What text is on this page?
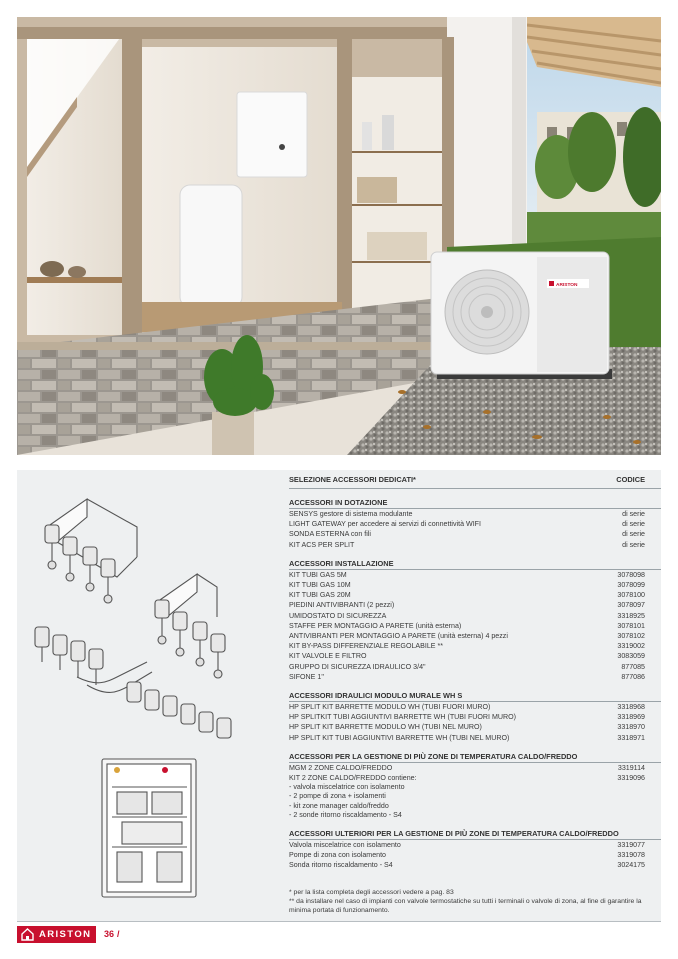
ARISTON
SELEZIONE ACCESSORI DEDICATI*	CODICE
ACCESSORI IN DOTAZIONE
SENSYS gestore di sistema modulante	di serie
LIGHT GATEWAY per accedere ai servizi di connettività WIFI	di serie
SONDA ESTERNA con fili	di serie
KIT ACS PER SPLIT	di serie
ACCESSORI INSTALLAZIONE
KIT TUBI GAS 5M	3078098
KIT TUBI GAS 10M	3078099
KIT TUBI GAS 20M	3078100
PIEDINI ANTIVIBRANTI (2 pezzi)	3078097
UMIDOSTATO DI SICUREZZA	3318925
STAFFE PER MONTAGGIO A PARETE (unità esterna)	3078101
ANTIVIBRANTI PER MONTAGGIO A PARETE (unità esterna) 4 pezzi	3078102
KIT BY-PASS DIFFERENZIALE REGOLABILE **	3319002
KIT VALVOLE E FILTRO	3083059
GRUPPO DI SICUREZZA IDRAULICO 3/4"	877085
SIFONE 1"	877086
ACCESSORI IDRAULICI MODULO MURALE WH S
HP SPLIT KIT BARRETTE MODULO WH (TUBI FUORI MURO)	3318968
HP SPLITKIT TUBI AGGIUNTIVI BARRETTE WH (TUBI FUORI MURO)	3318969
HP SPLIT KIT BARRETTE MODULO WH (TUBI NEL MURO)	3318970
HP SPLIT KIT TUBI AGGIUNTIVI BARRETTE WH (TUBI NEL MURO)	3318971
ACCESSORI PER LA GESTIONE DI PIÙ ZONE DI TEMPERATURA CALDO/FREDDO
MGM 2 ZONE CALDO/FREDDO	3319114
KIT 2 ZONE CALDO/FREDDO contiene:	3319096
- valvola miscelatrice con isolamento
- 2 pompe di zona + isolamenti
- kit zone manager caldo/freddo
- 2 sonde ritorno riscaldamento - S4
ACCESSORI ULTERIORI PER LA GESTIONE DI PIÙ ZONE DI TEMPERATURA CALDO/FREDDO
Valvola miscelatrice con isolamento	3319077
Pompe di zona con isolamento	3319078
Sonda ritorno riscaldamento - S4	3024175
* per la lista completa degli accessori vedere a pag. 83
** da installare nel caso di impianti con valvole termostatiche su tutti i terminali o valvole di zona, al fine di garantire la minima portata di funzionamento.
ARISTON 36 /
